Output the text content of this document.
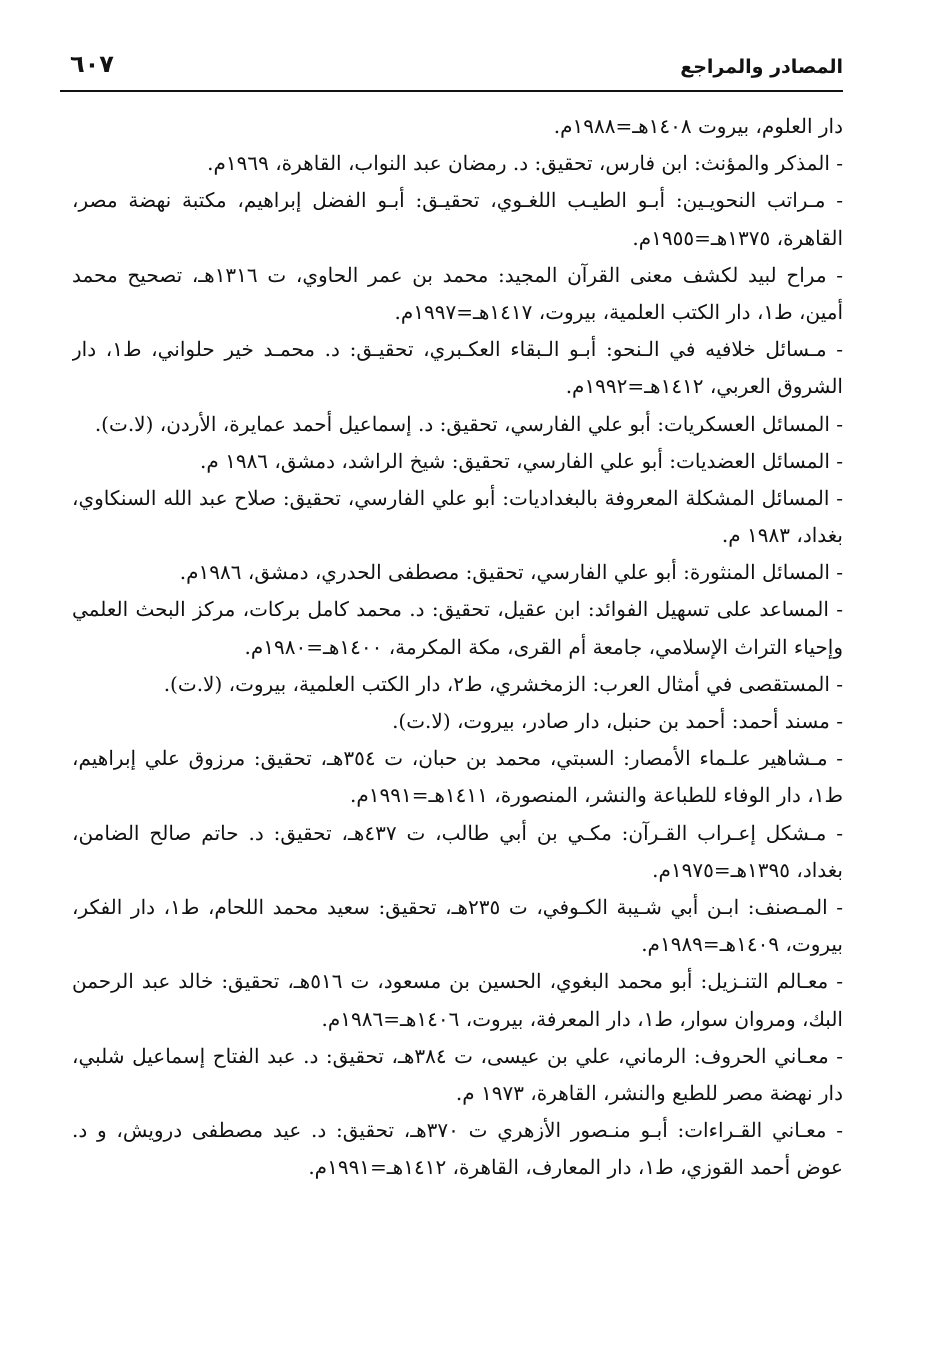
المصادر والمراجع
٦٠٧
دار العلوم، بيروت ١٤٠٨هـ=١٩٨٨م.
- المذكر والمؤنث: ابن فارس، تحقيق: د. رمضان عبد النواب، القاهرة، ١٩٦٩م.
- مـراتب النحويـين: أبـو الطيـب اللغـوي، تحقيـق: أبـو الفضل إبراهيم، مكتبة نهضة مصر،
القاهرة، ١٣٧٥هـ=١٩٥٥م.
- مراح لبيد لكشف معنى القرآن المجيد: محمد بن عمر الحاوي، ت ١٣١٦هـ، تصحيح محمد
أمين، ط١، دار الكتب العلمية، بيروت، ١٤١٧هـ=١٩٩٧م.
- مـسائل خلافيه في الـنحو: أبـو الـبقاء العكـبري، تحقيـق: د. محمـد خير حلواني، ط١، دار
الشروق العربي، ١٤١٢هـ=١٩٩٢م.
- المسائل العسكريات: أبو علي الفارسي، تحقيق: د. إسماعيل أحمد عمايرة، الأردن، (لا.ت).
- المسائل العضديات: أبو علي الفارسي، تحقيق: شيخ الراشد، دمشق، ١٩٨٦ م.
- المسائل المشكلة المعروفة بالبغداديات: أبو علي الفارسي، تحقيق: صلاح عبد الله السنكاوي،
بغداد، ١٩٨٣ م.
- المسائل المنثورة: أبو علي الفارسي، تحقيق: مصطفى الحدري، دمشق، ١٩٨٦م.
- المساعد على تسهيل الفوائد: ابن عقيل، تحقيق: د. محمد كامل بركات، مركز البحث العلمي
وإحياء التراث الإسلامي، جامعة أم القرى، مكة المكرمة، ١٤٠٠هـ=١٩٨٠م.
- المستقصى في أمثال العرب: الزمخشري، ط٢، دار الكتب العلمية، بيروت، (لا.ت).
- مسند أحمد: أحمد بن حنبل، دار صادر، بيروت، (لا.ت).
- مـشاهير علـماء الأمصار: السبتي، محمد بن حبان، ت ٣٥٤هـ، تحقيق: مرزوق علي إبراهيم،
ط١، دار الوفاء للطباعة والنشر، المنصورة، ١٤١١هـ=١٩٩١م.
- مـشكل إعـراب القـرآن: مكـي بن أبي طالب، ت ٤٣٧هـ، تحقيق: د. حاتم صالح الضامن،
بغداد، ١٣٩٥هـ=١٩٧٥م.
- المـصنف: ابـن أبي شـيبة الكـوفي، ت ٢٣٥هـ، تحقيق: سعيد محمد اللحام، ط١، دار الفكر،
بيروت، ١٤٠٩هـ=١٩٨٩م.
- معـالم التنـزيل: أبو محمد البغوي، الحسين بن مسعود، ت ٥١٦هـ، تحقيق: خالد عبد الرحمن
البك، ومروان سوار، ط١، دار المعرفة، بيروت، ١٤٠٦هـ=١٩٨٦م.
- معـاني الحروف: الرماني، علي بن عيسى، ت ٣٨٤هـ، تحقيق: د. عبد الفتاح إسماعيل شلبي،
دار نهضة مصر للطبع والنشر، القاهرة، ١٩٧٣ م.
- معـاني القـراءات: أبـو منـصور الأزهري ت ٣٧٠هـ، تحقيق: د. عيد مصطفى درويش، و د.
عوض أحمد القوزي، ط١، دار المعارف، القاهرة، ١٤١٢هـ=١٩٩١م.
